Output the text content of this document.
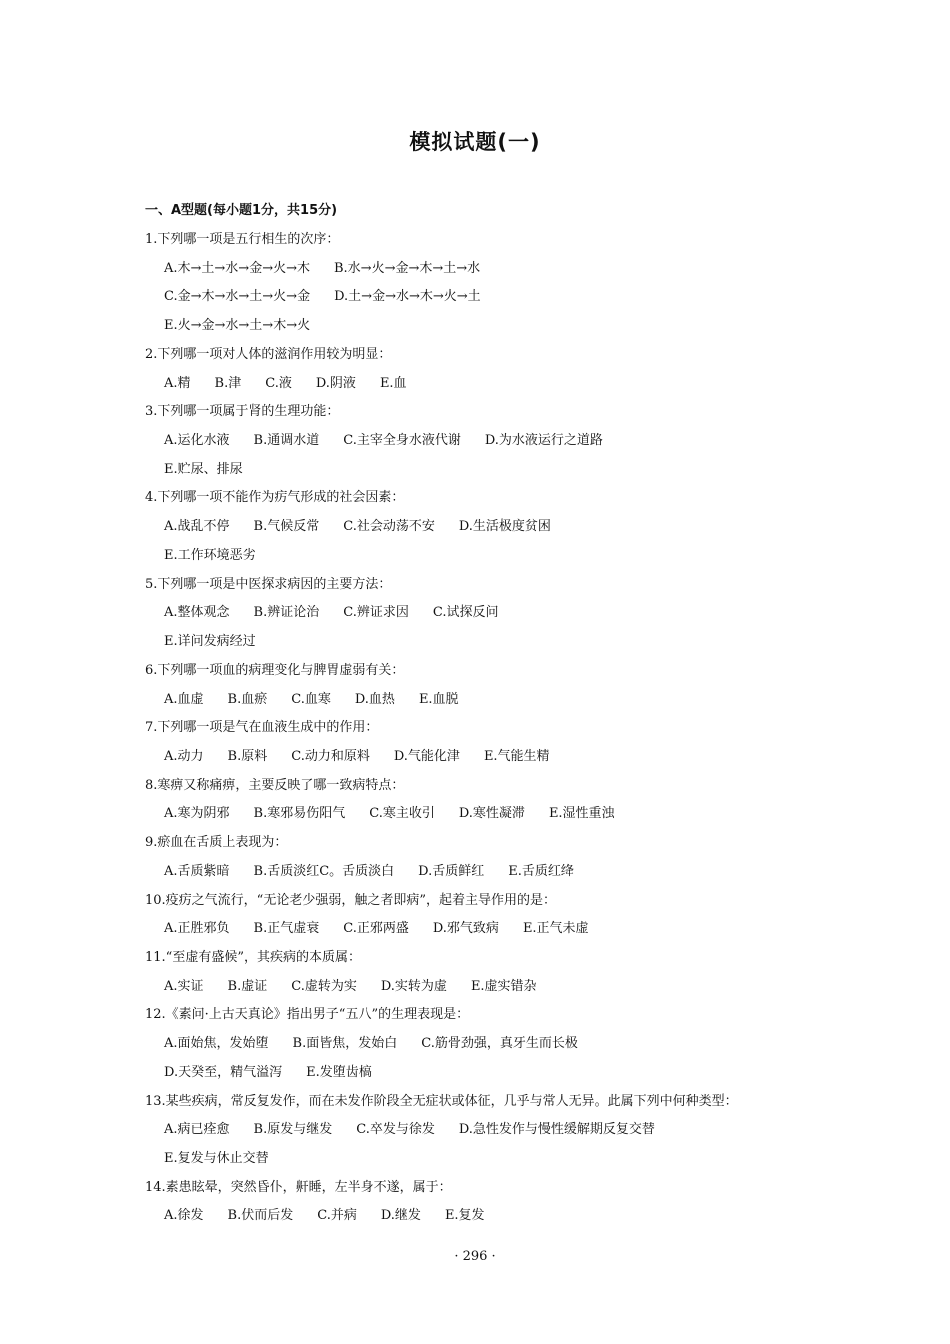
模拟试题(一)
一、A型题(每小题1分，共15分)
1.下列哪一项是五行相生的次序：
A.木→土→水→金→火→木 B.水→火→金→木→土→水
C.金→木→水→土→火→金 D.土→金→水→木→火→土
E.火→金→水→土→木→火
2.下列哪一项对人体的滋润作用较为明显：
A.精 B.津 C.液 D.阴液 E.血
3.下列哪一项属于肾的生理功能：
A.运化水液 B.通调水道 C.主宰全身水液代谢 D.为水液运行之道路
E.贮尿、排尿
4.下列哪一项不能作为疠气形成的社会因素：
A.战乱不停 B.气候反常 C.社会动荡不安 D.生活极度贫困
E.工作环境恶劣
5.下列哪一项是中医探求病因的主要方法：
A.整体观念 B.辨证论治 C.辨证求因 C.试探反问
E.详问发病经过
6.下列哪一项血的病理变化与脾胃虚弱有关：
A.血虚 B.血瘀 C.血寒 D.血热 E.血脱
7.下列哪一项是气在血液生成中的作用：
A.动力 B.原料 C.动力和原料 D.气能化津 E.气能生精
8.寒痹又称痛痹，主要反映了哪一致病特点：
A.寒为阴邪 B.寒邪易伤阳气 C.寒主收引 D.寒性凝滞 E.湿性重浊
9.瘀血在舌质上表现为：
A.舌质紫暗 B.舌质淡红C。舌质淡白 D.舌质鲜红 E.舌质红绛
10.疫疠之气流行，“无论老少强弱，触之者即病”，起着主导作用的是：
A.正胜邪负 B.正气虚衰 C.正邪两盛 D.邪气致病 E.正气未虚
11.“至虚有盛候”，其疾病的本质属：
A.实证 B.虚证 C.虚转为实 D.实转为虚 E.虚实错杂
12.《素问·上古天真论》指出男子“五八”的生理表现是：
A.面始焦，发始堕 B.面皆焦，发始白 C.筋骨劲强，真牙生而长极
D.天癸至，精气溢泻 E.发堕齿槁
13.某些疾病，常反复发作，而在未发作阶段全无症状或体征，几乎与常人无异。此属下列中何种类型：
A.病已痊愈 B.原发与继发 C.卒发与徐发 D.急性发作与慢性缓解期反复交替
E.复发与休止交替
14.素患眩晕，突然昏仆，鼾睡，左半身不遂，属于：
A.徐发 B.伏而后发 C.并病 D.继发 E.复发
· 296 ·
